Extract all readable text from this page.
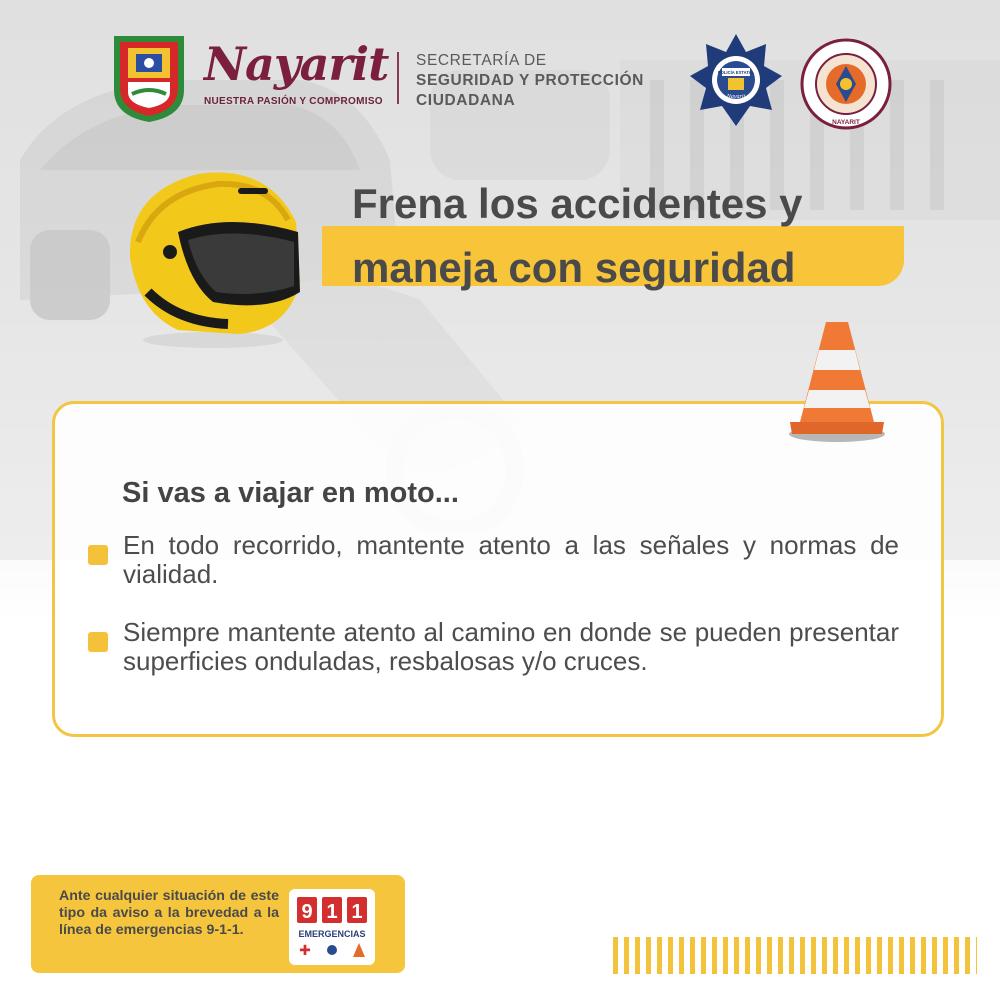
Nayarit
NUESTRA PASIÓN Y COMPROMISO
SECRETARÍA DE
SEGURIDAD Y PROTECCIÓN
CIUDADANA
POLICÍA ESTATAL
Nayarit
NAYARIT
Frena los accidentes y
maneja con seguridad
Si vas a viajar en moto...
En todo recorrido, mantente atento a las señales y normas de vialidad.
Siempre mantente atento al camino en donde se pueden presentar superficies onduladas, resbalosas y/o cruces.
Ante cualquier situación de este tipo da aviso a la brevedad a la línea de emergencias 9-1-1.
9 1 1
EMERGENCIAS
✚
